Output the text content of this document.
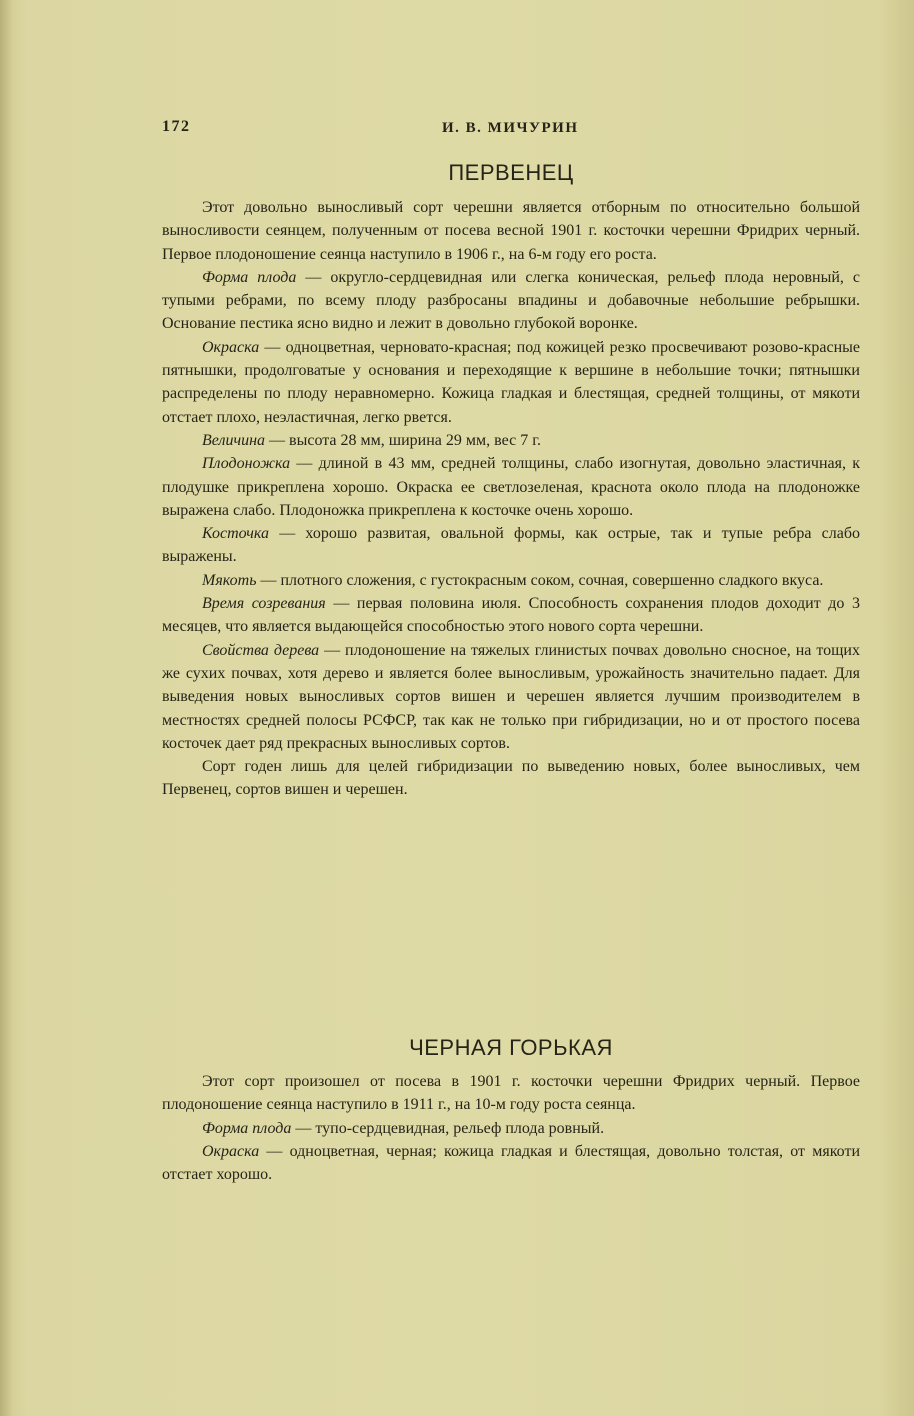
172	И. В. МИЧУРИН
ПЕРВЕНЕЦ

Этот довольно выносливый сорт черешни является отборным по относительно большой выносливости сеянцем, полученным от посева весной 1901 г. косточки черешни Фридрих черный. Первое плодоношение сеянца наступило в 1906 г., на 6-м году его роста.

Форма плода — округло-сердцевидная или слегка коническая, рельеф плода неровный, с тупыми ребрами, по всему плоду разбросаны впадины и добавочные небольшие ребрышки. Основание пестика ясно видно и лежит в довольно глубокой воронке.

Окраска — одноцветная, черновато-красная; под кожицей резко просвечивают розово-красные пятнышки, продолговатые у основания и переходящие к вершине в небольшие точки; пятнышки распределены по плоду неравномерно. Кожица гладкая и блестящая, средней толщины, от мякоти отстает плохо, неэластичная, легко рвется.

Величина — высота 28 мм, ширина 29 мм, вес 7 г.

Плодоножка — длиной в 43 мм, средней толщины, слабо изогнутая, довольно эластичная, к плодушке прикреплена хорошо. Окраска ее светлозеленая, краснота около плода на плодоножке выражена слабо. Плодоножка прикреплена к косточке очень хорошо.

Косточка — хорошо развитая, овальной формы, как острые, так и тупые ребра слабо выражены.

Мякоть — плотного сложения, с густокрасным соком, сочная, совершенно сладкого вкуса.

Время созревания — первая половина июля. Способность сохранения плодов доходит до 3 месяцев, что является выдающейся способностью этого нового сорта черешни.

Свойства дерева — плодоношение на тяжелых глинистых почвах довольно сносное, на тощих же сухих почвах, хотя дерево и является более выносливым, урожайность значительно падает. Для выведения новых выносливых сортов вишен и черешен является лучшим производителем в местностях средней полосы РСФСР, так как не только при гибридизации, но и от простого посева косточек дает ряд прекрасных выносливых сортов.

Сорт годен лишь для целей гибридизации по выведению новых, более выносливых, чем Первенец, сортов вишен и черешен.

ЧЕРНАЯ ГОРЬКАЯ

Этот сорт произошел от посева в 1901 г. косточки черешни Фридрих черный. Первое плодоношение сеянца наступило в 1911 г., на 10-м году роста сеянца.

Форма плода — тупо-сердцевидная, рельеф плода ровный.

Окраска — одноцветная, черная; кожица гладкая и блестящая, довольно толстая, от мякоти отстает хорошо.
